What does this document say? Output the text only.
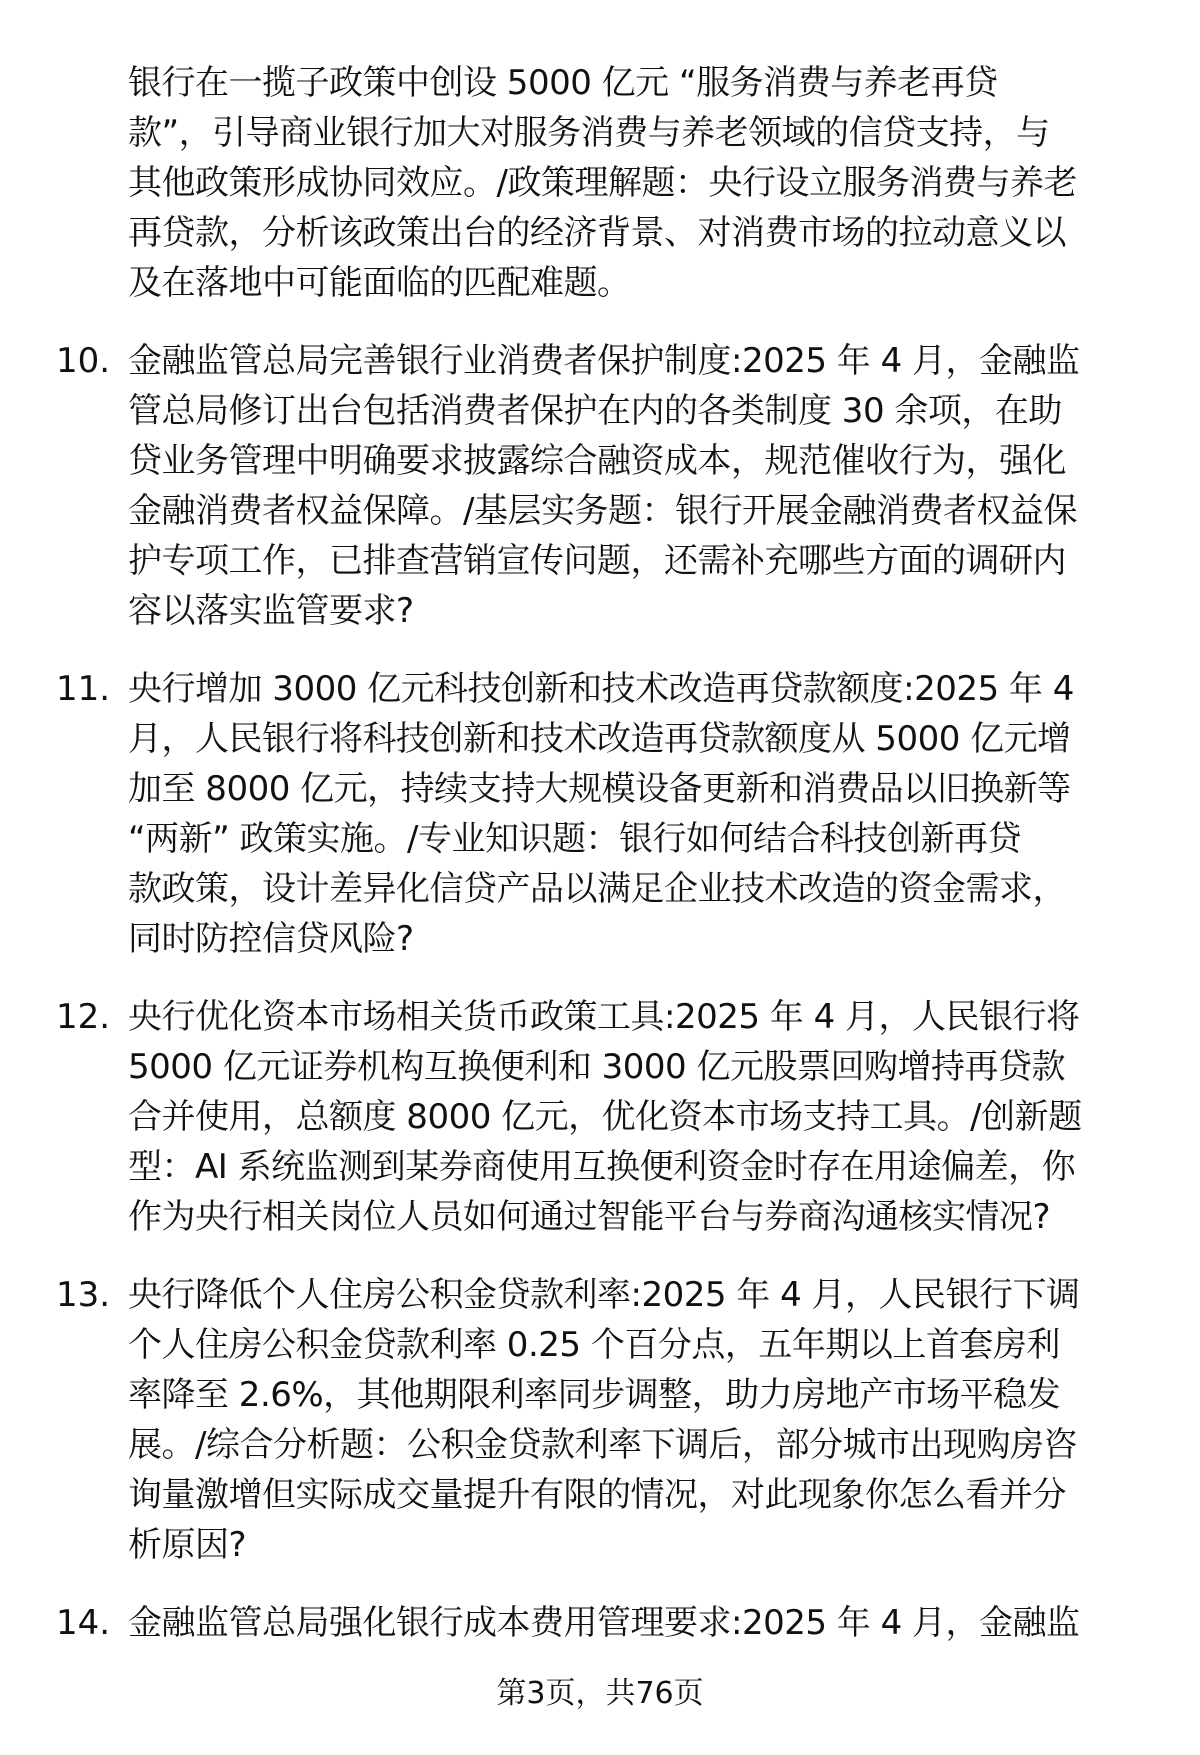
银行在一揽子政策中创设 5000 亿元 “服务消费与养老再贷
款”，引导商业银行加大对服务消费与养老领域的信贷支持，与
其他政策形成协同效应。/政策理解题：央行设立服务消费与养老
再贷款，分析该政策出台的经济背景、对消费市场的拉动意义以
及在落地中可能面临的匹配难题。
10. 金融监管总局完善银行业消费者保护制度:2025 年 4 月，金融监
管总局修订出台包括消费者保护在内的各类制度 30 余项，在助
贷业务管理中明确要求披露综合融资成本，规范催收行为，强化
金融消费者权益保障。/基层实务题：银行开展金融消费者权益保
护专项工作，已排查营销宣传问题，还需补充哪些方面的调研内
容以落实监管要求?
11. 央行增加 3000 亿元科技创新和技术改造再贷款额度:2025 年 4
月，人民银行将科技创新和技术改造再贷款额度从 5000 亿元增
加至 8000 亿元，持续支持大规模设备更新和消费品以旧换新等
“两新” 政策实施。/专业知识题：银行如何结合科技创新再贷
款政策，设计差异化信贷产品以满足企业技术改造的资金需求，
同时防控信贷风险?
12. 央行优化资本市场相关货币政策工具:2025 年 4 月，人民银行将
5000 亿元证券机构互换便利和 3000 亿元股票回购增持再贷款
合并使用，总额度 8000 亿元，优化资本市场支持工具。/创新题
型：AI 系统监测到某券商使用互换便利资金时存在用途偏差，你
作为央行相关岗位人员如何通过智能平台与券商沟通核实情况?
13. 央行降低个人住房公积金贷款利率:2025 年 4 月，人民银行下调
个人住房公积金贷款利率 0.25 个百分点，五年期以上首套房利
率降至 2.6%，其他期限利率同步调整，助力房地产市场平稳发
展。/综合分析题：公积金贷款利率下调后，部分城市出现购房咨
询量激增但实际成交量提升有限的情况，对此现象你怎么看并分
析原因?
14. 金融监管总局强化银行成本费用管理要求:2025 年 4 月，金融监
第3页，共76页
